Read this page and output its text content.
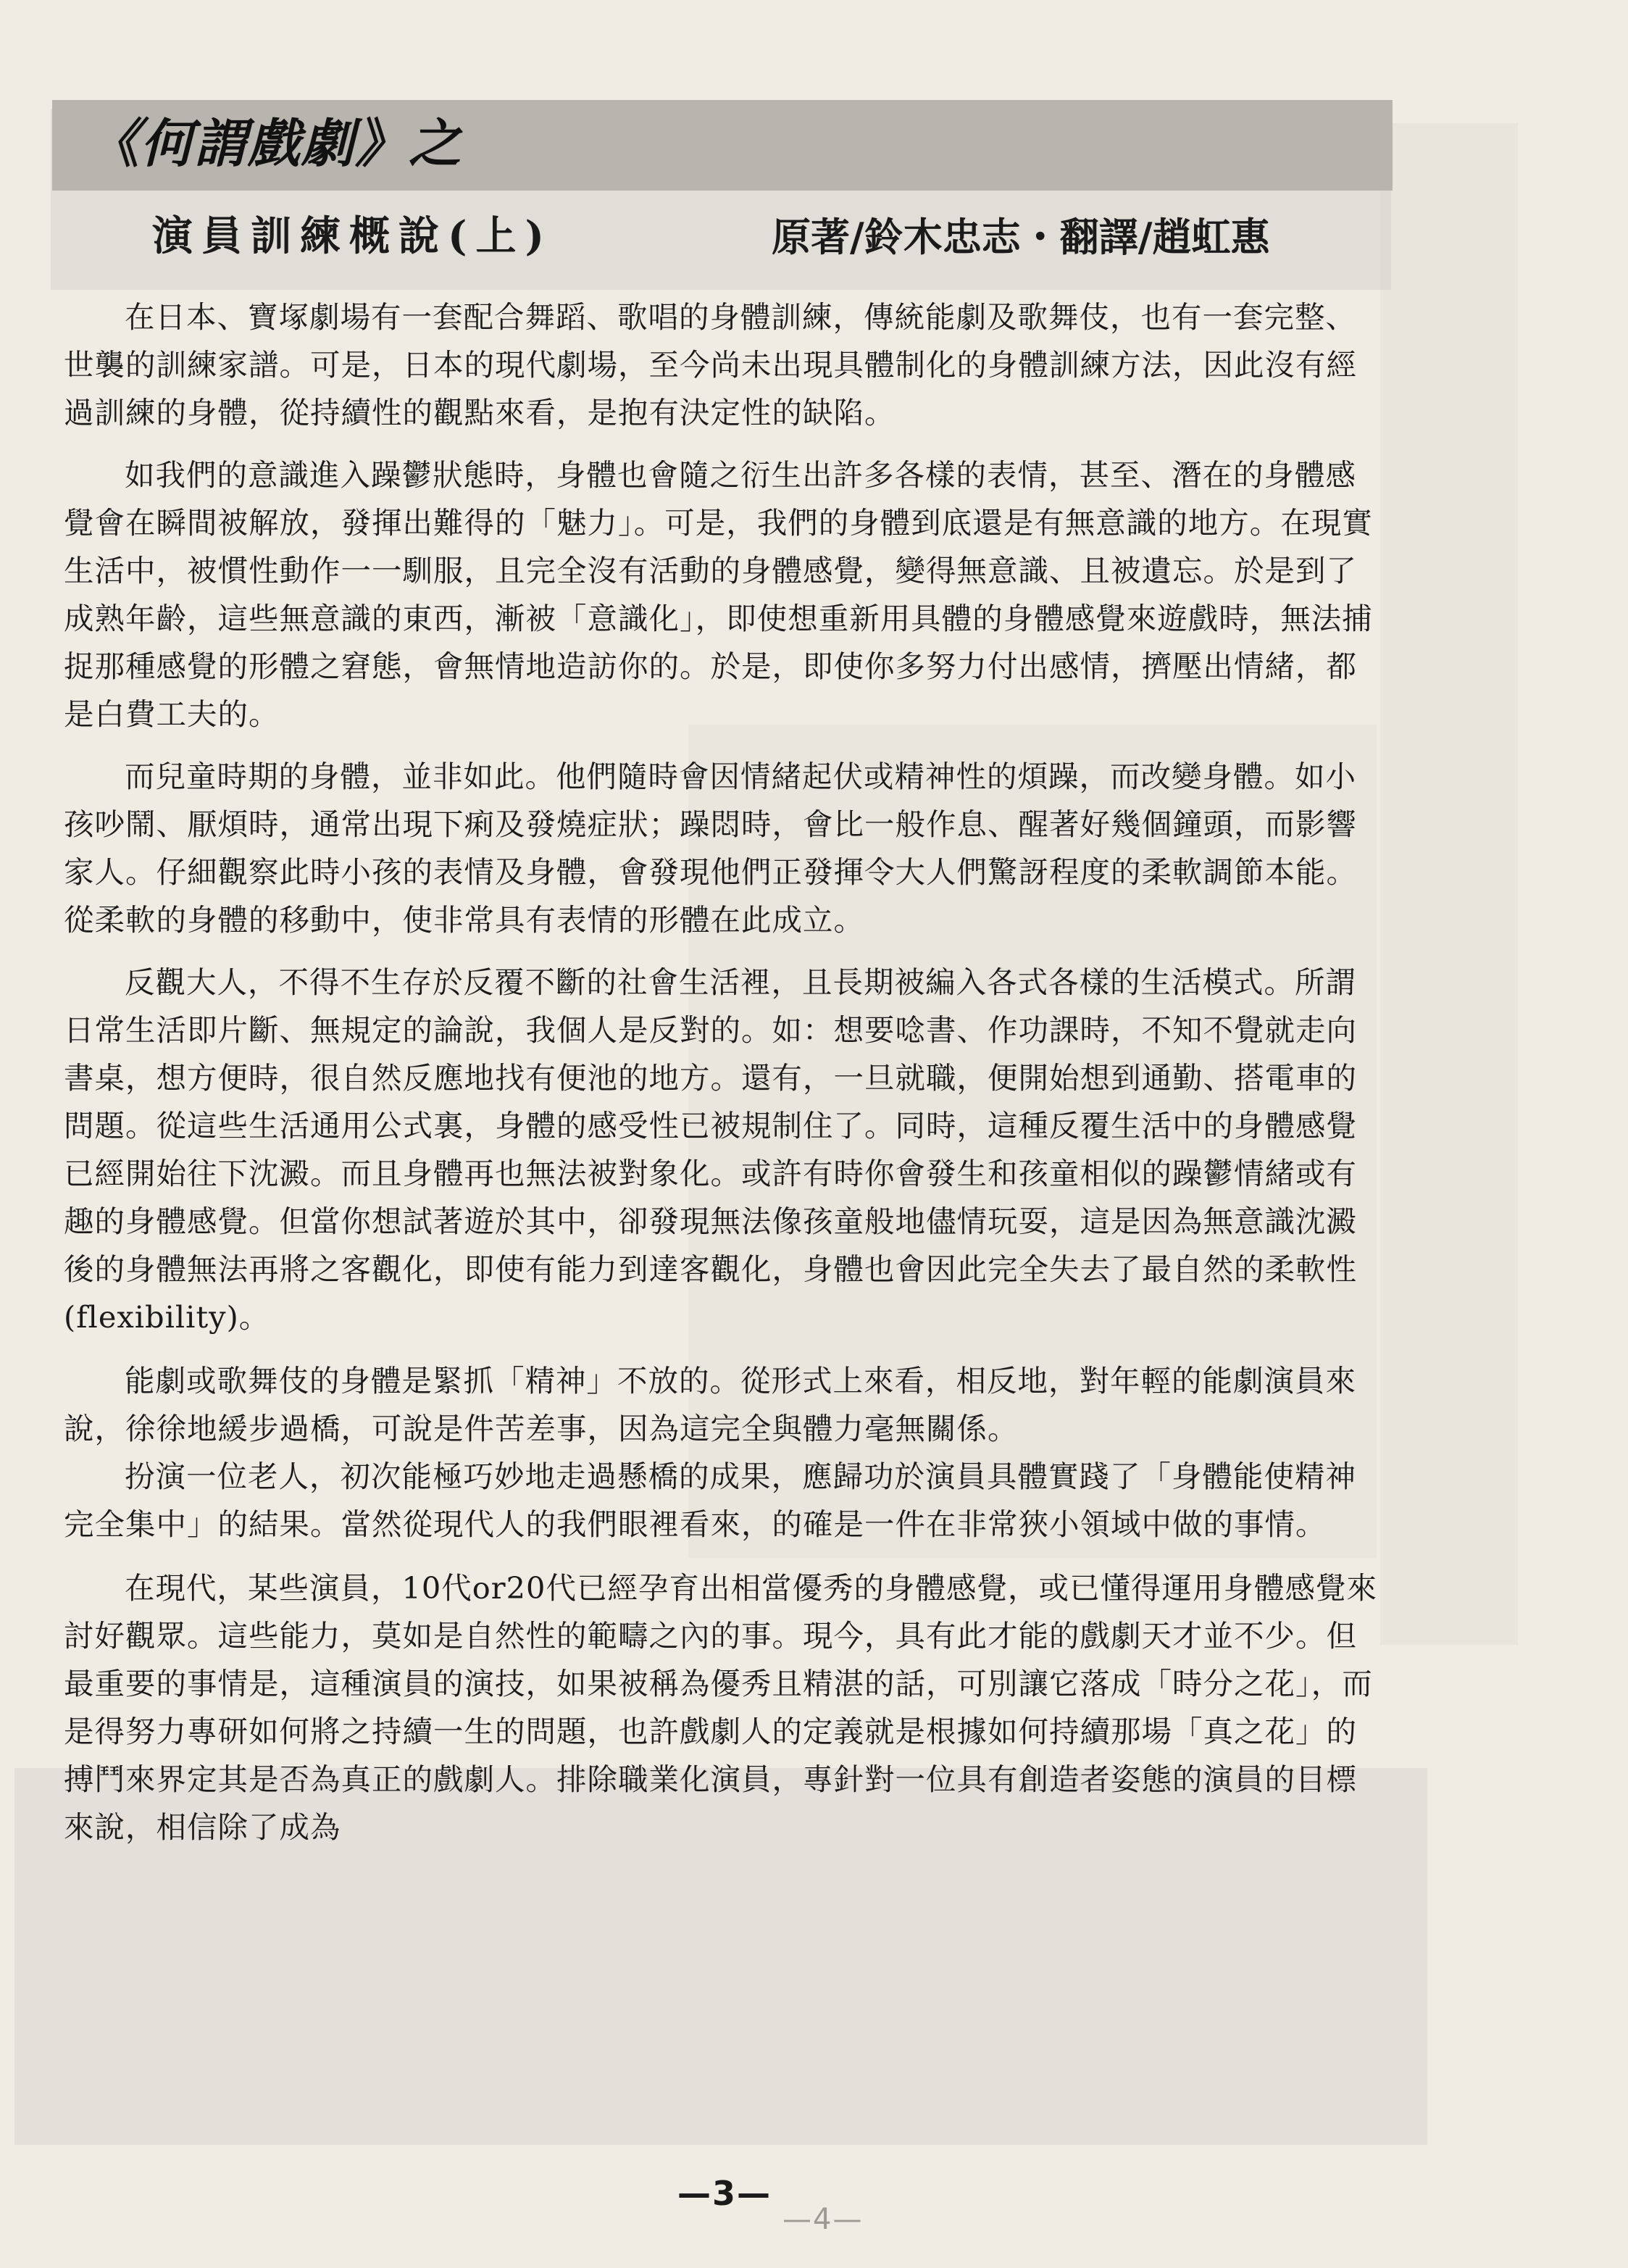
《何謂戲劇》之
演員訓練概說(上)	原著/鈴木忠志・翻譯/趙虹惠

在日本、寶塚劇場有一套配合舞蹈、歌唱的身體訓練，傳統能劇及歌舞伎，也有一套完整、世襲的訓練家譜。可是，日本的現代劇場，至今尚未出現具體制化的身體訓練方法，因此沒有經過訓練的身體，從持續性的觀點來看，是抱有決定性的缺陷。

如我們的意識進入躁鬱狀態時，身體也會隨之衍生出許多各樣的表情，甚至、潛在的身體感覺會在瞬間被解放，發揮出難得的「魅力」。可是，我們的身體到底還是有無意識的地方。在現實生活中，被慣性動作一一馴服，且完全沒有活動的身體感覺，變得無意識、且被遺忘。於是到了成熟年齡，這些無意識的東西，漸被「意識化」，即使想重新用具體的身體感覺來遊戲時，無法捕捉那種感覺的形體之窘態，會無情地造訪你的。於是，即使你多努力付出感情，擠壓出情緒，都是白費工夫的。

而兒童時期的身體，並非如此。他們隨時會因情緒起伏或精神性的煩躁，而改變身體。如小孩吵鬧、厭煩時，通常出現下痢及發燒症狀；躁悶時，會比一般作息、醒著好幾個鐘頭，而影響家人。仔細觀察此時小孩的表情及身體，會發現他們正發揮令大人們驚訝程度的柔軟調節本能。從柔軟的身體的移動中，使非常具有表情的形體在此成立。

反觀大人，不得不生存於反覆不斷的社會生活裡，且長期被編入各式各樣的生活模式。所謂日常生活即片斷、無規定的論說，我個人是反對的。如：想要唸書、作功課時，不知不覺就走向書桌，想方便時，很自然反應地找有便池的地方。還有，一旦就職，便開始想到通勤、搭電車的問題。從這些生活通用公式裏，身體的感受性已被規制住了。同時，這種反覆生活中的身體感覺已經開始往下沈澱。而且身體再也無法被對象化。或許有時你會發生和孩童相似的躁鬱情緒或有趣的身體感覺。但當你想試著遊於其中，卻發現無法像孩童般地儘情玩耍，這是因為無意識沈澱後的身體無法再將之客觀化，即使有能力到達客觀化，身體也會因此完全失去了最自然的柔軟性(flexibility)。

能劇或歌舞伎的身體是緊抓「精神」不放的。從形式上來看，相反地，對年輕的能劇演員來說，徐徐地緩步過橋，可說是件苦差事，因為這完全與體力毫無關係。

扮演一位老人，初次能極巧妙地走過懸橋的成果，應歸功於演員具體實踐了「身體能使精神完全集中」的結果。當然從現代人的我們眼裡看來，的確是一件在非常狹小領域中做的事情。

在現代，某些演員，10代or20代已經孕育出相當優秀的身體感覺，或已懂得運用身體感覺來討好觀眾。這些能力，莫如是自然性的範疇之內的事。現今，具有此才能的戲劇天才並不少。但最重要的事情是，這種演員的演技，如果被稱為優秀且精湛的話，可別讓它落成「時分之花」，而是得努力專研如何將之持續一生的問題，也許戲劇人的定義就是根據如何持續那場「真之花」的搏鬥來界定其是否為真正的戲劇人。排除職業化演員，專針對一位具有創造者姿態的演員的目標來說，相信除了成為

—3—
—4—
